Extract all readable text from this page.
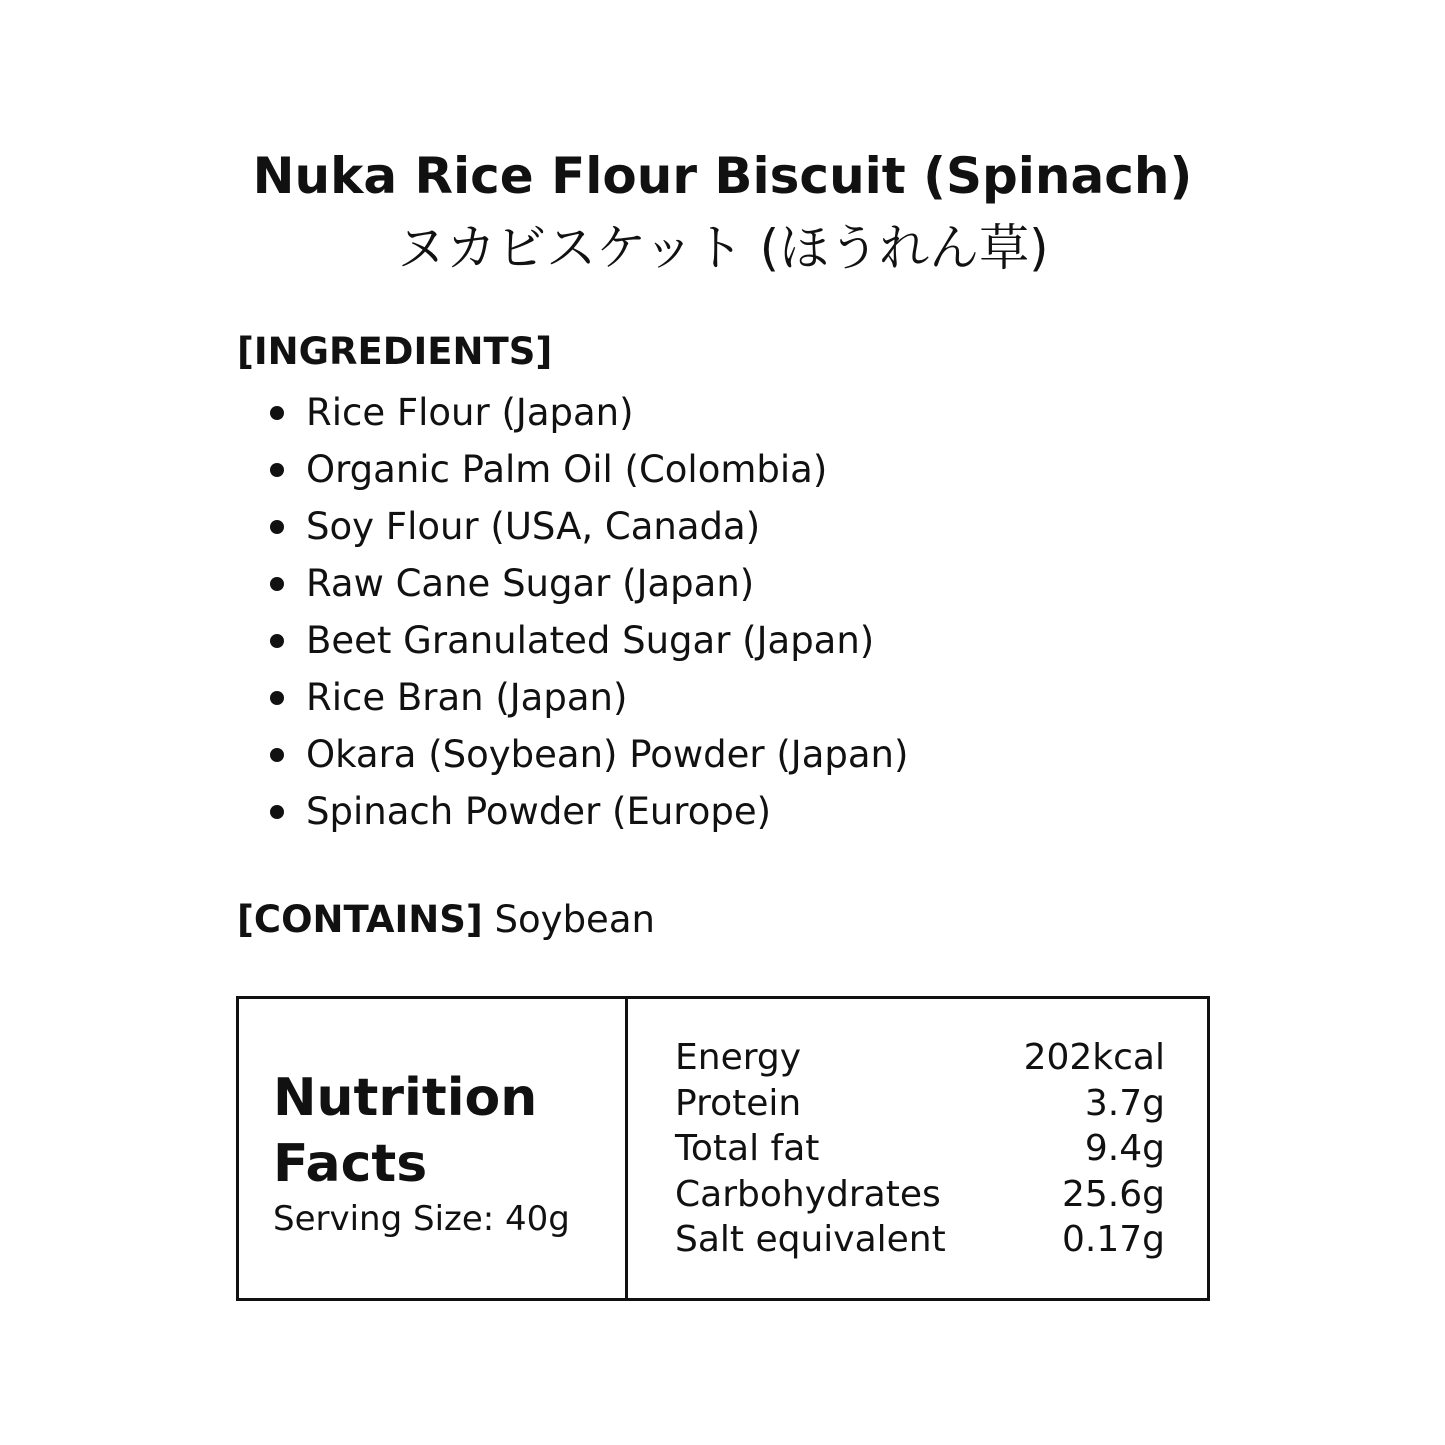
Nuka Rice Flour Biscuit (Spinach)
ヌカビスケット (ほうれん草)
[INGREDIENTS]
Rice Flour (Japan)
Organic Palm Oil (Colombia)
Soy Flour (USA, Canada)
Raw Cane Sugar (Japan)
Beet Granulated Sugar (Japan)
Rice Bran (Japan)
Okara (Soybean) Powder (Japan)
Spinach Powder (Europe)
[CONTAINS] Soybean
Nutrition
Facts
Serving Size: 40g
Energy	202kcal
Protein	3.7g
Total fat	9.4g
Carbohydrates	25.6g
Salt equivalent	0.17g
